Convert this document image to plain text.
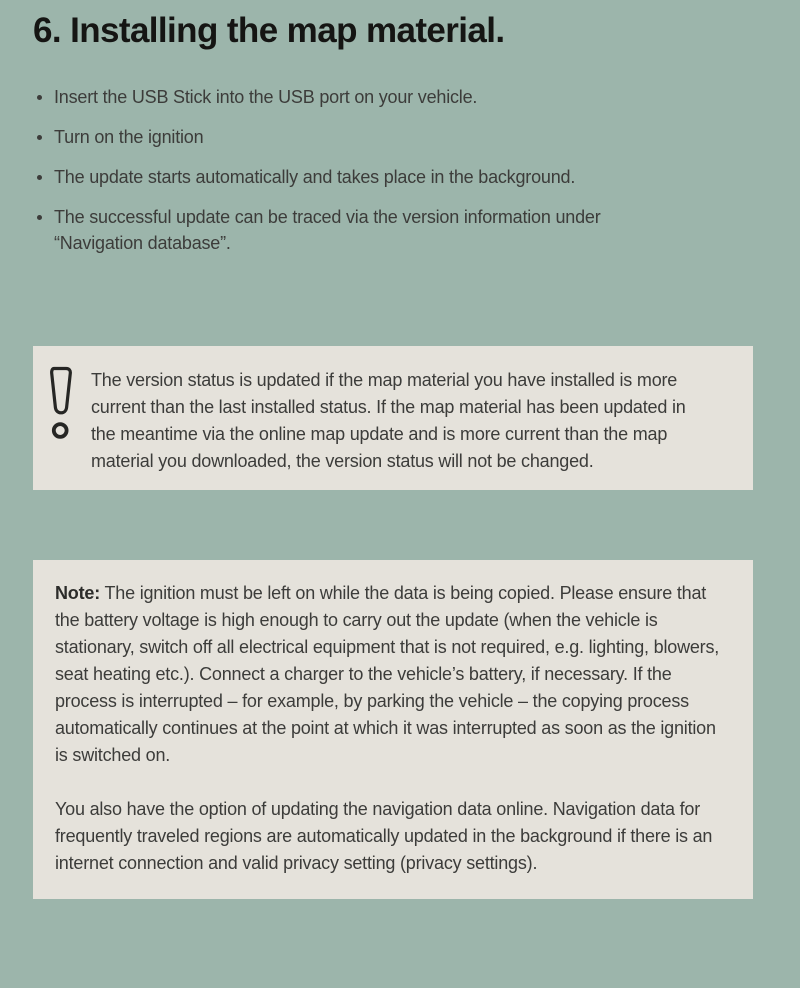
6. Installing the map material.
Insert the USB Stick into the USB port on your vehicle.
Turn on the ignition
The update starts automatically and takes place in the background.
The successful update can be traced via the version information under “Navigation database”.

The version status is updated if the map material you have installed is more current than the last installed status. If the map material has been updated in the meantime via the online map update and is more current than the map material you downloaded, the version status will not be changed.

Note: The ignition must be left on while the data is being copied. Please ensure that the battery voltage is high enough to carry out the update (when the vehicle is stationary, switch off all electrical equipment that is not required, e.g. lighting, blowers, seat heating etc.). Connect a charger to the vehicle’s battery, if necessary. If the process is interrupted – for example, by parking the vehicle – the copying process automatically continues at the point at which it was interrupted as soon as the ignition is switched on.

You also have the option of updating the navigation data online. Navigation data for frequently traveled regions are automatically updated in the background if there is an internet connection and valid privacy setting (privacy settings).
